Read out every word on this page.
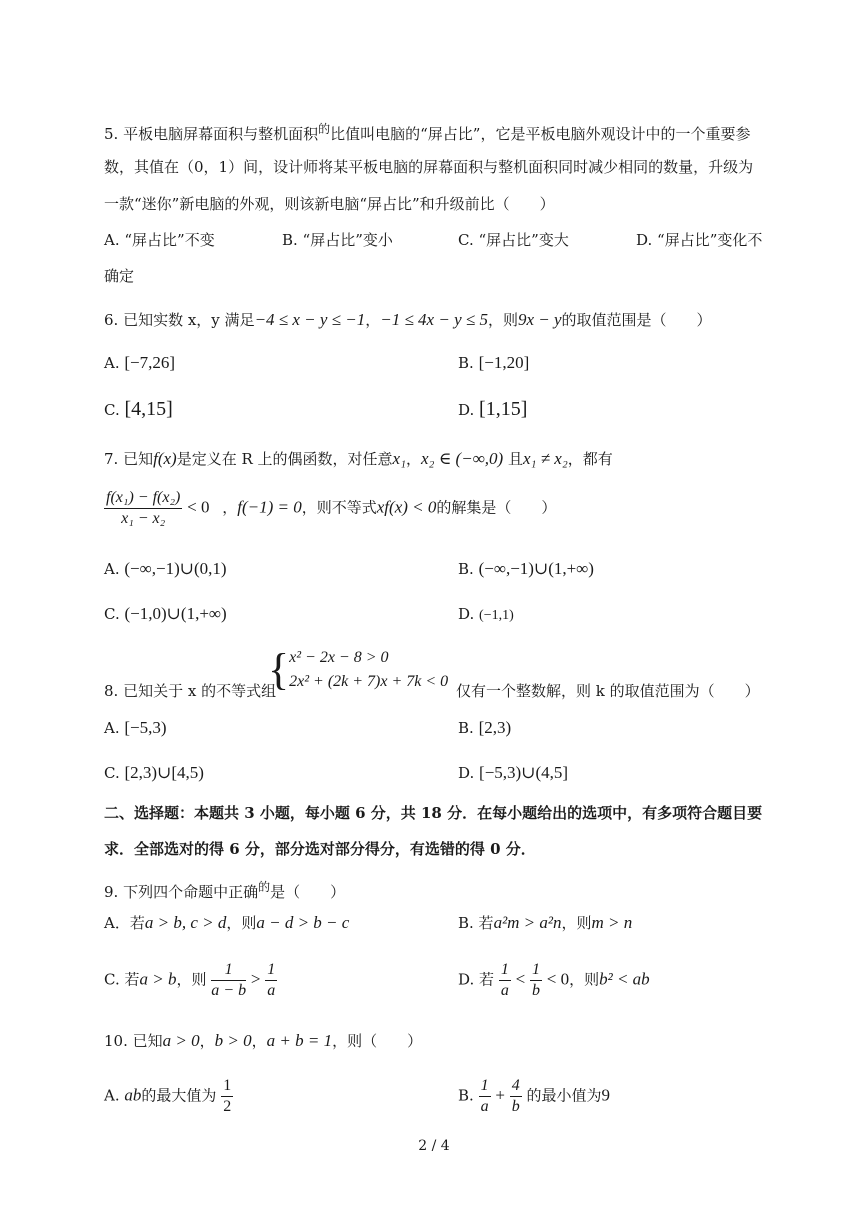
5. 平板电脑屏幕面积与整机面积$^的$比值叫电脑的“屏占比”，它是平板电脑外观设计中的一个重要参
数，其值在（0，1）间，设计师将某平板电脑的屏幕面积与整机面积同时减少相同的数量，升级为
一款“迷你”新电脑的外观，则该新电脑“屏占比”和升级前比（　　）
A. “屏占比”不变	B. “屏占比”变小	C. “屏占比”变大	D. “屏占比”变化不
确定
6. 已知实数 x，y 满足−4 ≤ x − y ≤ −1，−1 ≤ 4x − y ≤ 5，则9x − y的取值范围是（　　）
A. [−7,26]	B. [−1,20]
C. [4,15]	D. [1,15]
7. 已知f(x)是定义在 R 上的偶函数，对任意x₁，x₂ ∈ (−∞,0) 且x₁ ≠ x₂，都有
$\frac{\text{f(x₁) − f(x₂)}}{\text{x₁ − x₂}} < 0$ ，f(−1) = 0，则不等式xf(x) < 0的解集是（　　）
A. (−∞,−1)∪(0,1)	B. (−∞,−1)∪(1,+∞)
C. (−1,0)∪(1,+∞)	D. (−1,1)
{ x² − 2x − 8 > 0
2x² + (2k + 7)x + 7k < 0
8. 已知关于 x 的不等式组	仅有一个整数解，则 k 的取值范围为（　　）
A. [−5,3)	B. [2,3)
C. [2,3)∪[4,5)	D. [−5,3)∪(4,5]
二、选择题：本题共 3 小题，每小题 6 分，共 18 分．在每小题给出的选项中，有多项符合题目要
求．全部选对的得 6 分，部分选对部分得分，有选错的得 0 分．
9. 下列四个命题中正确$^的$是（　　）
A．若a > b, c > d，则a − d > b − c	B. 若a²m > a²n，则m > n
C. 若a > b，则 $\frac{1}{a - b} > \frac{1}{a}$	D. 若 $\frac{1}{a} < \frac{1}{b} < 0$，则b² < ab
10. 已知a > 0，b > 0，a + b = 1，则（　　）
A. ab的最大值为 $\frac{1}{2}$	B. $\frac{1}{a} + \frac{4}{b}$ 的最小值为9
2 / 4
